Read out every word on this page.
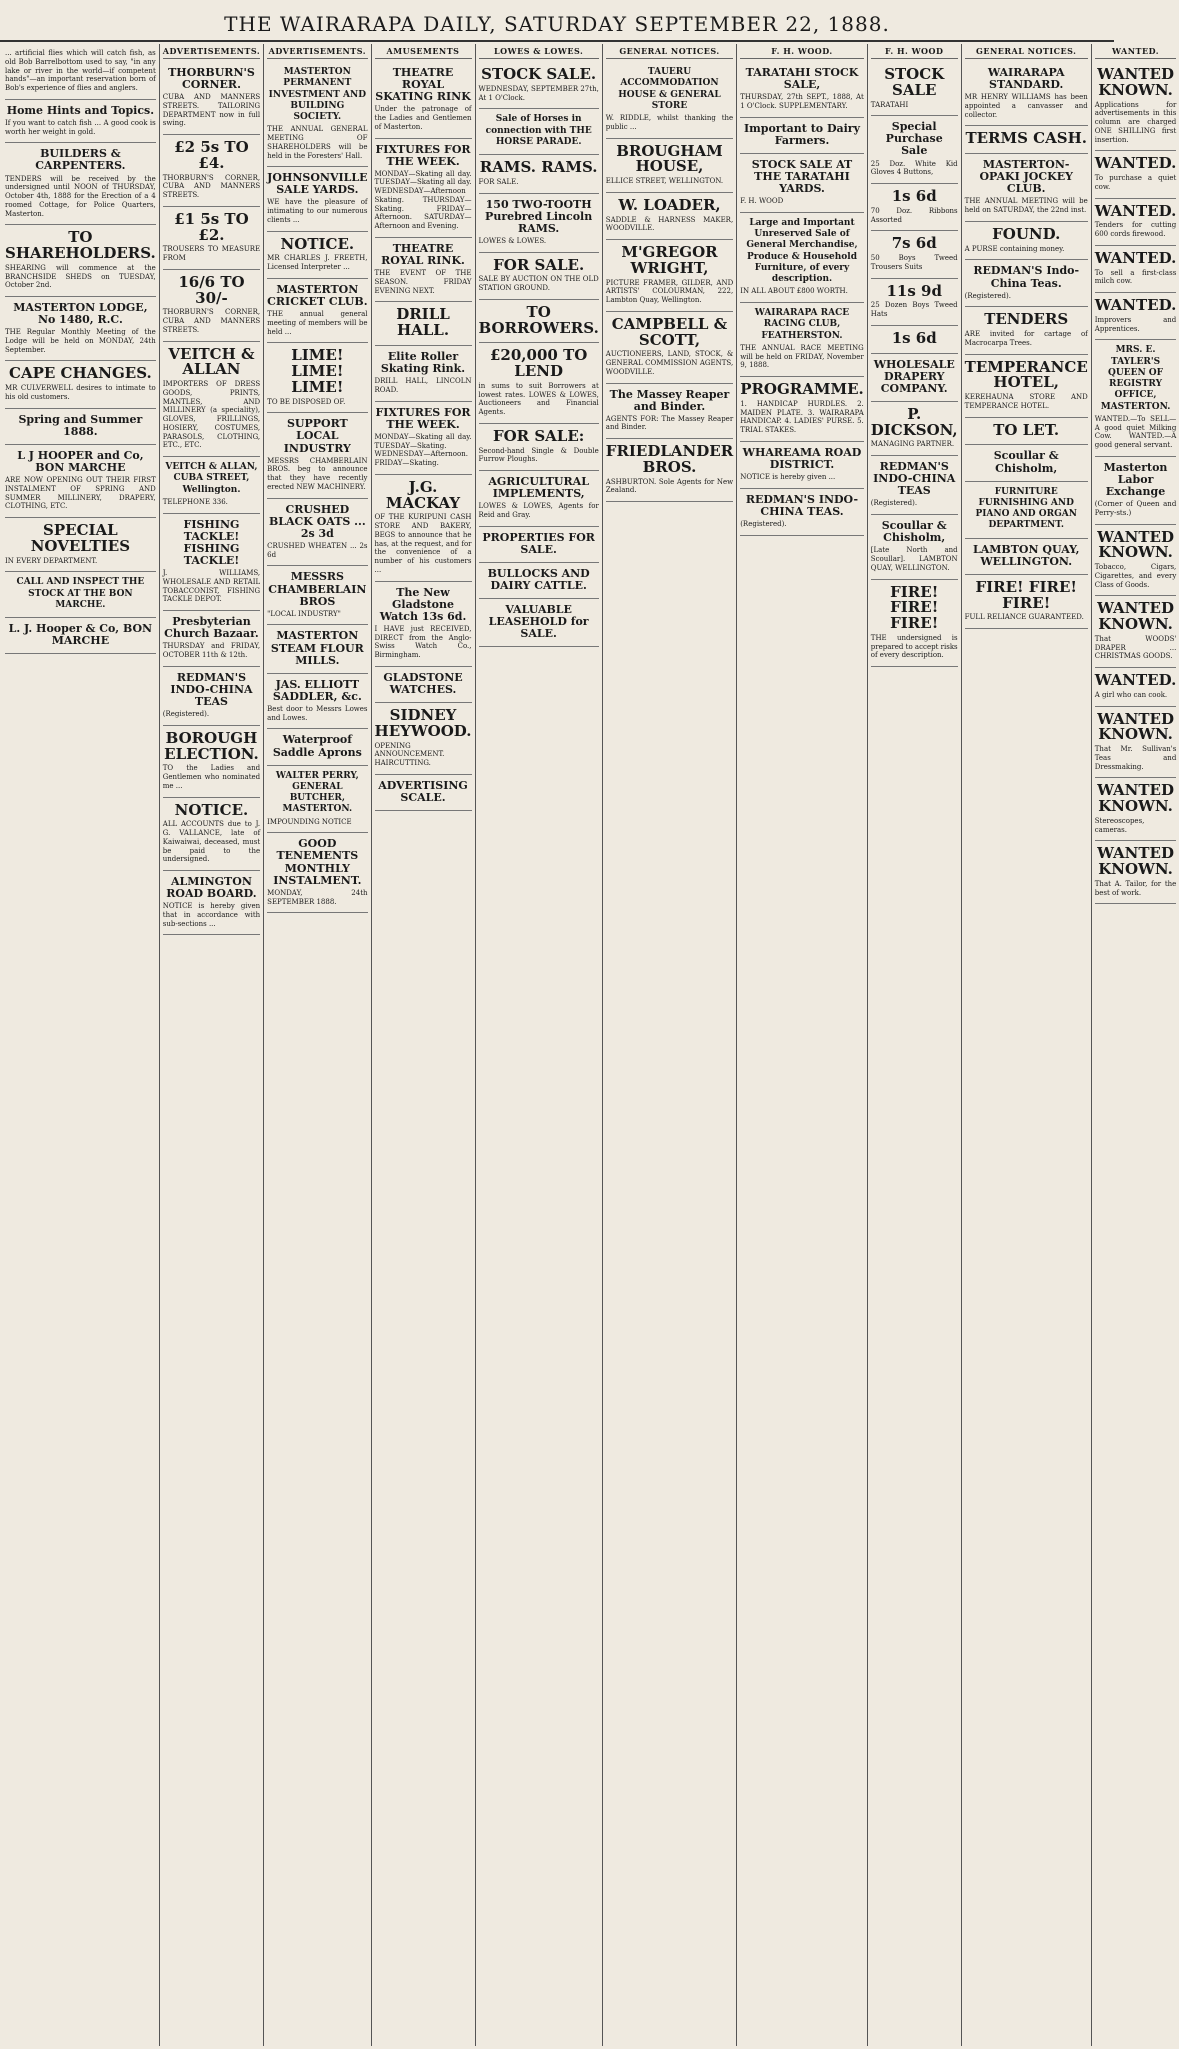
THE WAIRARAPA DAILY, SATURDAY SEPTEMBER 22, 1888.

... artificial flies which will catch fish, as old Bob Barrelbottom used to say, "in any lake or river in the world—if competent hands"—an important reservation born of Bob's experience of flies and anglers.

Home Hints and Topics.

If you want to catch fish ... A good cook is worth her weight in gold.

BUILDERS & CARPENTERS.

TENDERS will be received by the undersigned until NOON of THURSDAY, October 4th, 1888 for the Erection of a 4 roomed Cottage, for Police Quarters, Masterton.

TO SHAREHOLDERS.

SHEARING will commence at the BRANCHSIDE SHEDS on TUESDAY, October 2nd.

MASTERTON LODGE, No 1480, R.C.

THE Regular Monthly Meeting of the Lodge will be held on MONDAY, 24th September.

CAPE CHANGES.

MR CULVERWELL desires to intimate to his old customers.

Spring and Summer 1888.
L J HOOPER and Co, BON MARCHE

ARE NOW OPENING OUT THEIR FIRST INSTALMENT OF SPRING AND SUMMER MILLINERY, DRAPERY, CLOTHING, ETC.

SPECIAL NOVELTIES

IN EVERY DEPARTMENT.

CALL AND INSPECT THE STOCK AT THE BON MARCHE.
L. J. Hooper & Co, BON MARCHE
ADVERTISEMENTS.
THORBURN'S CORNER.

CUBA AND MANNERS STREETS. TAILORING DEPARTMENT now in full swing.

£2 5s TO £4.

THORBURN'S CORNER, CUBA AND MANNERS STREETS.

£1 5s TO £2.

TROUSERS TO MEASURE FROM

16/6 TO 30/-

THORBURN'S CORNER, CUBA AND MANNERS STREETS.

VEITCH & ALLAN

IMPORTERS OF DRESS GOODS, PRINTS, MANTLES, AND MILLINERY (a speciality), GLOVES, FRILLINGS, HOSIERY, COSTUMES, PARASOLS, CLOTHING, ETC., ETC.

VEITCH & ALLAN, CUBA STREET, Wellington.

TELEPHONE 336.

FISHING TACKLE! FISHING TACKLE!

J. WILLIAMS, WHOLESALE AND RETAIL TOBACCONIST, FISHING TACKLE DEPOT.

Presbyterian Church Bazaar.

THURSDAY and FRIDAY, OCTOBER 11th & 12th.

REDMAN'S INDO-CHINA TEAS

(Registered).

BOROUGH ELECTION.

TO the Ladies and Gentlemen who nominated me ...

NOTICE.

ALL ACCOUNTS due to J. G. VALLANCE, late of Kaiwaiwai, deceased, must be paid to the undersigned.

ALMINGTON ROAD BOARD.

NOTICE is hereby given that in accordance with sub-sections ...

ADVERTISEMENTS.
MASTERTON PERMANENT INVESTMENT AND BUILDING SOCIETY.

THE ANNUAL GENERAL MEETING OF SHAREHOLDERS will be held in the Foresters' Hall.

JOHNSONVILLE SALE YARDS.

WE have the pleasure of intimating to our numerous clients ...

NOTICE.

MR CHARLES J. FREETH, Licensed Interpreter ...

MASTERTON CRICKET CLUB.

THE annual general meeting of members will be held ...

LIME! LIME! LIME!

TO BE DISPOSED OF.

SUPPORT LOCAL INDUSTRY

MESSRS CHAMBERLAIN BROS. beg to announce that they have recently erected NEW MACHINERY.

CRUSHED BLACK OATS ... 2s 3d

CRUSHED WHEATEN ... 2s 6d

MESSRS CHAMBERLAIN BROS

"LOCAL INDUSTRY"

MASTERTON STEAM FLOUR MILLS.
JAS. ELLIOTT SADDLER, &c.

Best door to Messrs Lowes and Lowes.

Waterproof Saddle Aprons
WALTER PERRY, GENERAL BUTCHER, MASTERTON.

IMPOUNDING NOTICE

GOOD TENEMENTS MONTHLY INSTALMENT.

MONDAY, 24th SEPTEMBER 1888.

AMUSEMENTS
THEATRE ROYAL SKATING RINK

Under the patronage of the Ladies and Gentlemen of Masterton.

FIXTURES FOR THE WEEK.

MONDAY—Skating all day. TUESDAY—Skating all day. WEDNESDAY—Afternoon Skating. THURSDAY—Skating. FRIDAY—Afternoon. SATURDAY—Afternoon and Evening.

THEATRE ROYAL RINK.

THE EVENT OF THE SEASON. FRIDAY EVENING NEXT.

DRILL HALL.
Elite Roller Skating Rink.

DRILL HALL, LINCOLN ROAD.

FIXTURES FOR THE WEEK.

MONDAY—Skating all day. TUESDAY—Skating. WEDNESDAY—Afternoon. FRIDAY—Skating.

J.G. MACKAY

OF THE KURIPUNI CASH STORE AND BAKERY, BEGS to announce that he has, at the request, and for the convenience of a number of his customers ...

The New Gladstone Watch 13s 6d.

I HAVE just RECEIVED, DIRECT from the Anglo-Swiss Watch Co., Birmingham.

GLADSTONE WATCHES.
SIDNEY HEYWOOD.

OPENING ANNOUNCEMENT. HAIRCUTTING.

ADVERTISING SCALE.
LOWES & LOWES.
STOCK SALE.

WEDNESDAY, SEPTEMBER 27th, At 1 O'Clock.

Sale of Horses in connection with THE HORSE PARADE.
RAMS. RAMS.

FOR SALE.

150 TWO-TOOTH Purebred Lincoln RAMS.

LOWES & LOWES.

FOR SALE.

SALE BY AUCTION ON THE OLD STATION GROUND.

TO BORROWERS.
£20,000 TO LEND

in sums to suit Borrowers at lowest rates. LOWES & LOWES, Auctioneers and Financial Agents.

FOR SALE:

Second-hand Single & Double Furrow Ploughs.

AGRICULTURAL IMPLEMENTS,

LOWES & LOWES, Agents for Reid and Gray.

PROPERTIES FOR SALE.
BULLOCKS AND DAIRY CATTLE.
VALUABLE LEASEHOLD for SALE.
GENERAL NOTICES.
TAUERU ACCOMMODATION HOUSE & GENERAL STORE

W. RIDDLE, whilst thanking the public ...

BROUGHAM HOUSE,

ELLICE STREET, WELLINGTON.

W. LOADER,

SADDLE & HARNESS MAKER, WOODVILLE.

M'GREGOR WRIGHT,

PICTURE FRAMER, GILDER, AND ARTISTS' COLOURMAN, 222, Lambton Quay, Wellington.

CAMPBELL & SCOTT,

AUCTIONEERS, LAND, STOCK, & GENERAL COMMISSION AGENTS, WOODVILLE.

The Massey Reaper and Binder.

AGENTS FOR: The Massey Reaper and Binder.

FRIEDLANDER BROS.

ASHBURTON. Sole Agents for New Zealand.

F. H. WOOD.
TARATAHI STOCK SALE,

THURSDAY, 27th SEPT., 1888, At 1 O'Clock. SUPPLEMENTARY.

Important to Dairy Farmers.
STOCK SALE AT THE TARATAHI YARDS.

F. H. WOOD

Large and Important Unreserved Sale of General Merchandise, Produce & Household Furniture, of every description.

IN ALL ABOUT £800 WORTH.

WAIRARAPA RACE RACING CLUB, FEATHERSTON.

THE ANNUAL RACE MEETING will be held on FRIDAY, November 9, 1888.

PROGRAMME.

1. HANDICAP HURDLES. 2. MAIDEN PLATE. 3. WAIRARAPA HANDICAP. 4. LADIES' PURSE. 5. TRIAL STAKES.

WHAREAMA ROAD DISTRICT.

NOTICE is hereby given ...

REDMAN'S INDO-CHINA TEAS.

(Registered).

F. H. WOOD
STOCK SALE

TARATAHI

Special Purchase Sale

25 Doz. White Kid Gloves 4 Buttons,

1s 6d

70 Doz. Ribbons Assorted

7s 6d

50 Boys Tweed Trousers Suits

11s 9d

25 Dozen Boys Tweed Hats

1s 6d
WHOLESALE DRAPERY COMPANY.
P. DICKSON,

MANAGING PARTNER.

REDMAN'S INDO-CHINA TEAS

(Registered).

Scoullar & Chisholm,

[Late North and Scoullar]. LAMBTON QUAY, WELLINGTON.

FIRE! FIRE! FIRE!

THE undersigned is prepared to accept risks of every description.

GENERAL NOTICES.
WAIRARAPA STANDARD.

MR HENRY WILLIAMS has been appointed a canvasser and collector.

TERMS CASH.
MASTERTON-OPAKI JOCKEY CLUB.

THE ANNUAL MEETING will be held on SATURDAY, the 22nd inst.

FOUND.

A PURSE containing money.

REDMAN'S Indo-China Teas.

(Registered).

TENDERS

ARE invited for cartage of Macrocarpa Trees.

TEMPERANCE HOTEL,

KEREHAUNA STORE AND TEMPERANCE HOTEL.

TO LET.
Scoullar & Chisholm,
FURNITURE FURNISHING AND PIANO AND ORGAN DEPARTMENT.
LAMBTON QUAY, WELLINGTON.
FIRE! FIRE! FIRE!

FULL RELIANCE GUARANTEED.

WANTED.
WANTED KNOWN.

Applications for advertisements in this column are charged ONE SHILLING first insertion.

WANTED.

To purchase a quiet cow.

WANTED.

Tenders for cutting 600 cords firewood.

WANTED.

To sell a first-class milch cow.

WANTED.

Improvers and Apprentices.

MRS. E. TAYLER'S QUEEN OF REGISTRY OFFICE, MASTERTON.

WANTED.—To SELL—A good quiet Milking Cow. WANTED.—A good general servant.

Masterton Labor Exchange

(Corner of Queen and Perry-sts.)

WANTED KNOWN.

Tobacco, Cigars, Cigarettes, and every Class of Goods.

WANTED KNOWN.

That WOODS' DRAPER ... CHRISTMAS GOODS.

WANTED.

A girl who can cook.

WANTED KNOWN.

That Mr. Sullivan's Teas and Dressmaking.

WANTED KNOWN.

Stereoscopes, cameras.

WANTED KNOWN.

That A. Tailor, for the best of work.
